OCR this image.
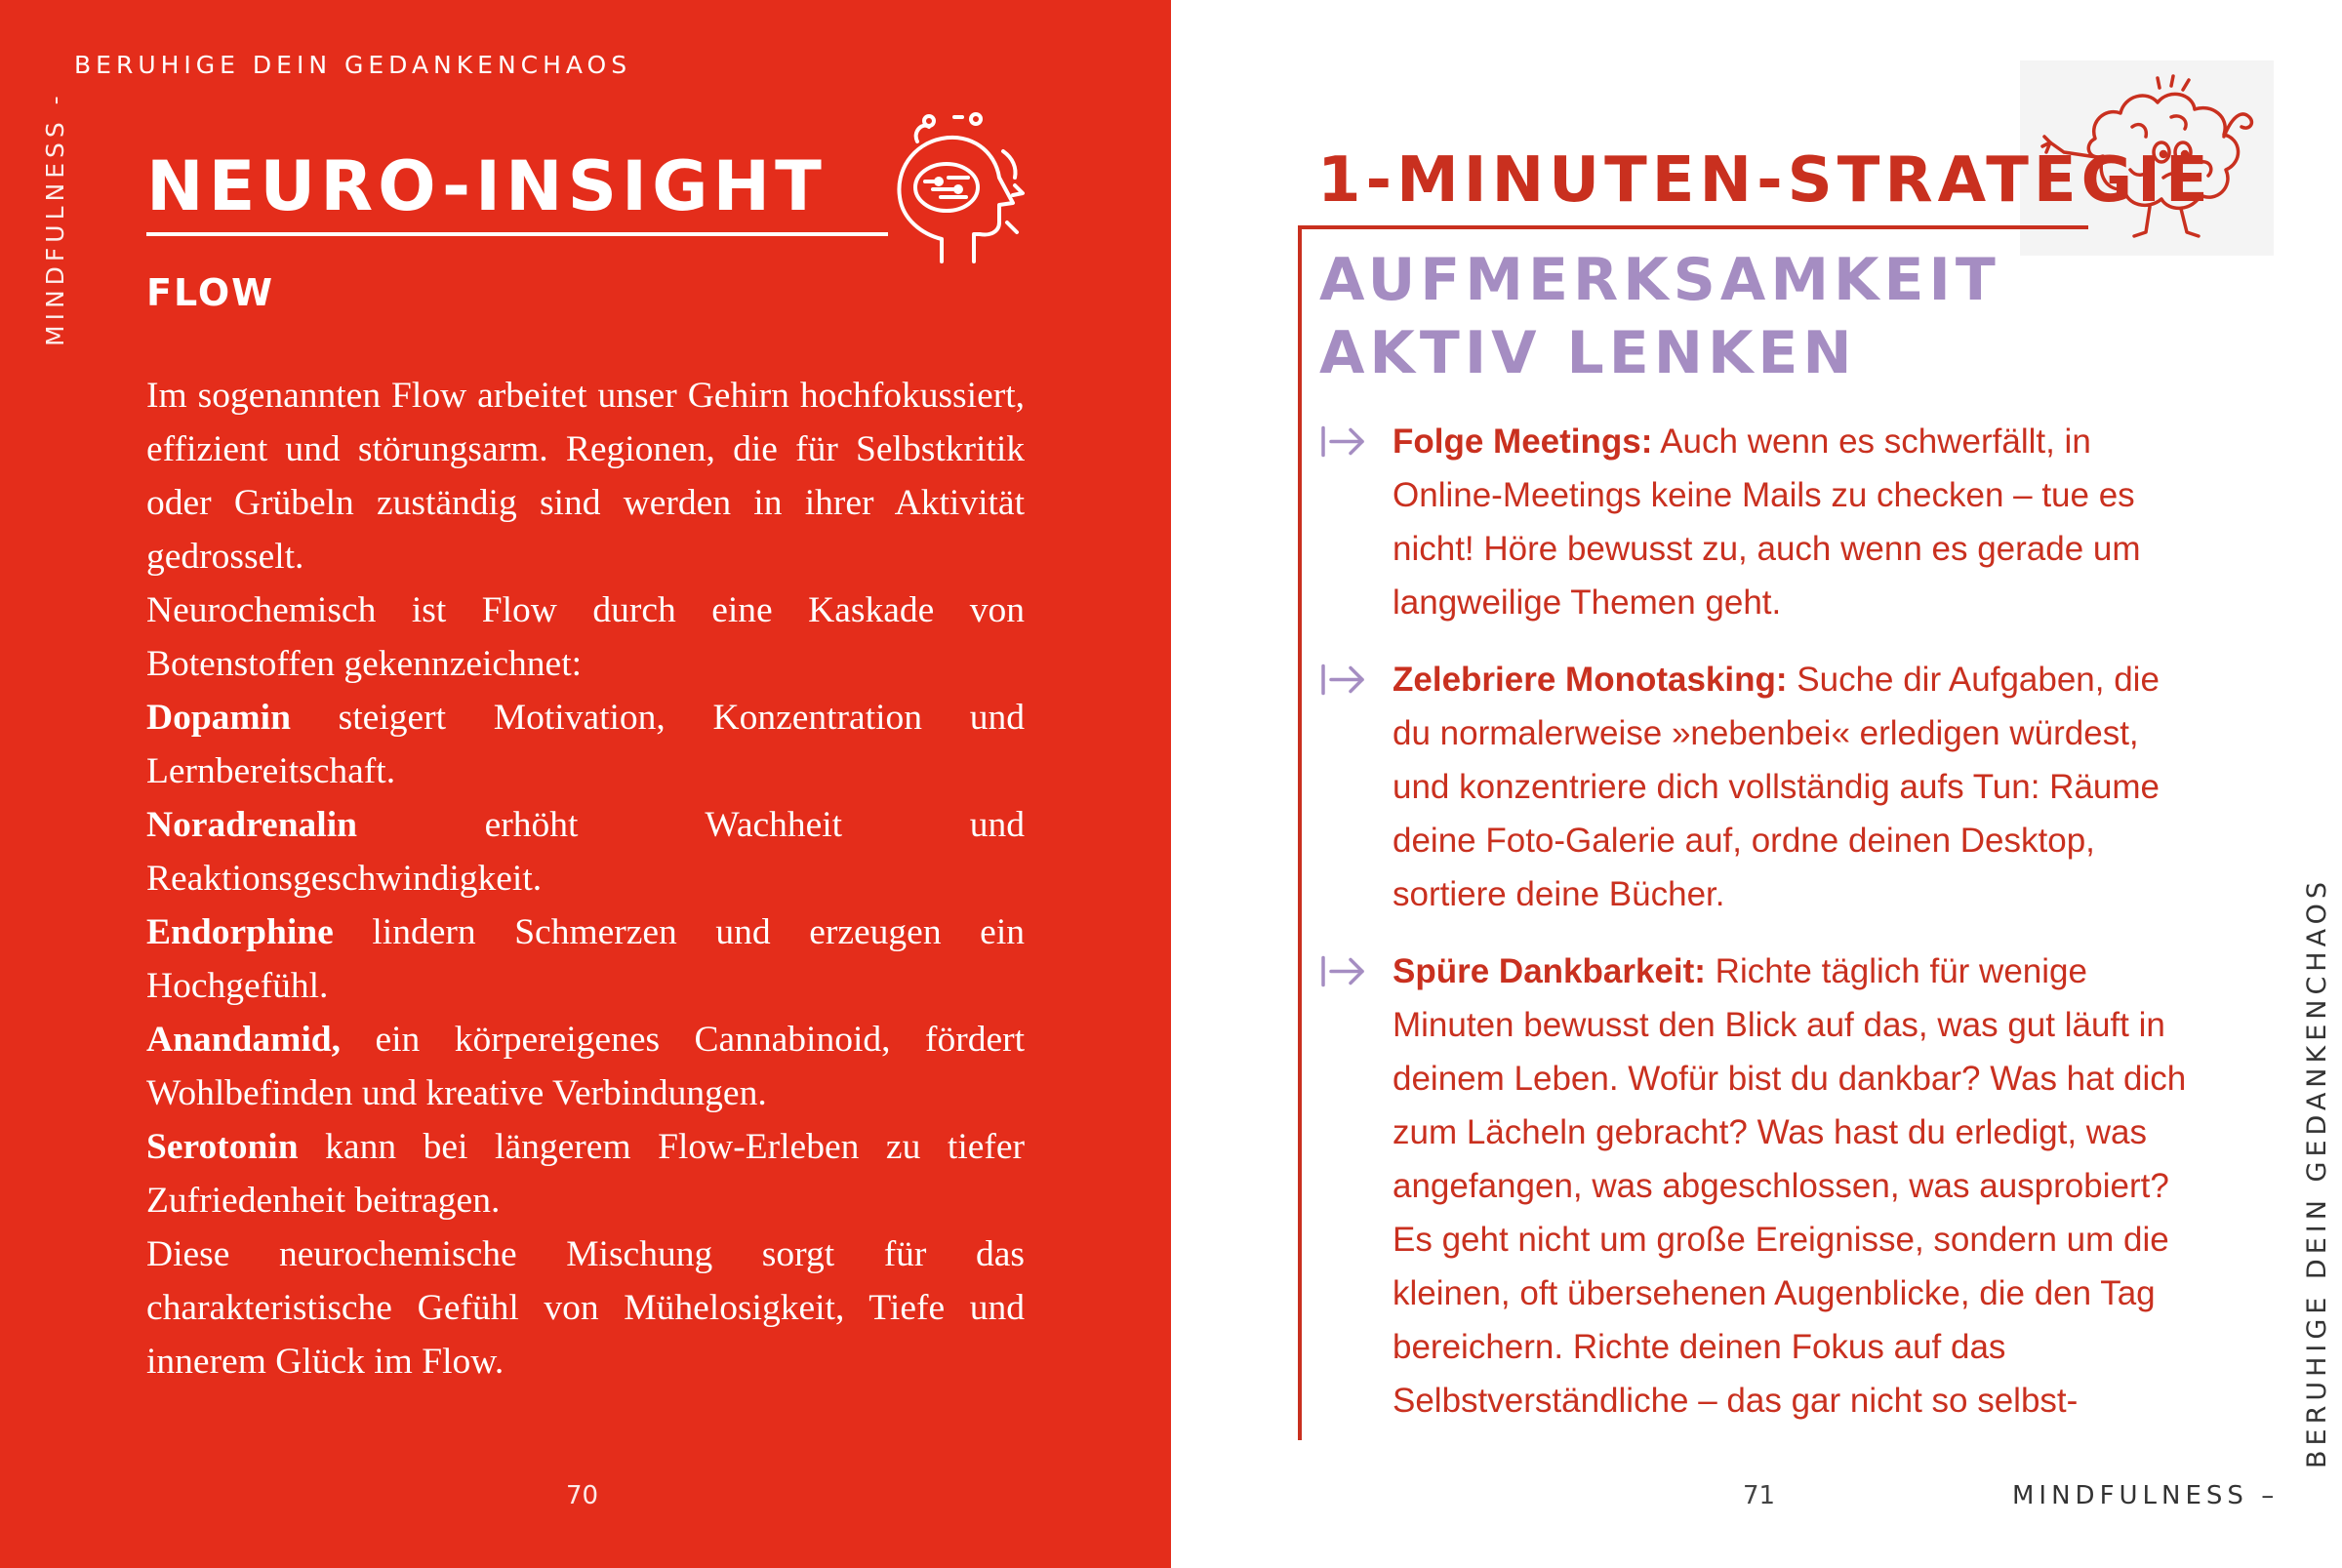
MINDFULNESS -
BERUHIGE DEIN GEDANKENCHAOS
NEURO-INSIGHT
FLOW

Im sogenannten Flow arbeitet unser Gehirn hochfokussiert, effizient und störungsarm. Regionen, die für Selbstkritik oder Grübeln zuständig sind werden in ihrer Aktivität gedrosselt.

Neurochemisch ist Flow durch eine Kaskade von Botenstoffen gekennzeichnet:

Dopamin steigert Motivation, Konzentration und Lernbereitschaft.

Noradrenalin erhöht Wachheit und Reaktionsgeschwindigkeit.

Endorphine lindern Schmerzen und erzeugen ein Hochgefühl.

Anandamid, ein körpereigenes Cannabinoid, fördert Wohlbefinden und kreative Verbindungen.

Serotonin kann bei längerem Flow-Erleben zu tiefer Zufriedenheit beitragen.

Diese neurochemische Mischung sorgt für das charakteristische Gefühl von Mühelosigkeit, Tiefe und innerem Glück im Flow.

70
1-MINUTEN-STRATEGIE
AUFMERKSAMKEIT AKTIV LENKEN
Folge Meetings: Auch wenn es schwerfällt, in Online-Meetings keine Mails zu checken – tue es nicht! Höre bewusst zu, auch wenn es gerade um langweilige Themen geht.
Zelebriere Monotasking: Suche dir Aufgaben, die du normalerweise »nebenbei« erledigen würdest, und konzentriere dich vollständig aufs Tun: Räume deine Foto-Galerie auf, ordne deinen Desktop, sortiere deine Bücher.
Spüre Dankbarkeit: Richte täglich für wenige Minuten bewusst den Blick auf das, was gut läuft in deinem Leben. Wofür bist du dankbar? Was hat dich zum Lächeln gebracht? Was hast du erledigt, was angefangen, was abgeschlossen, was ausprobiert? Es geht nicht um große Ereignisse, sondern um die kleinen, oft übersehenen Augenblicke, die den Tag bereichern. Richte deinen Fokus auf das Selbstverständliche – das gar nicht so selbst-
71	MINDFULNESS –
BERUHIGE DEIN GEDANKENCHAOS
